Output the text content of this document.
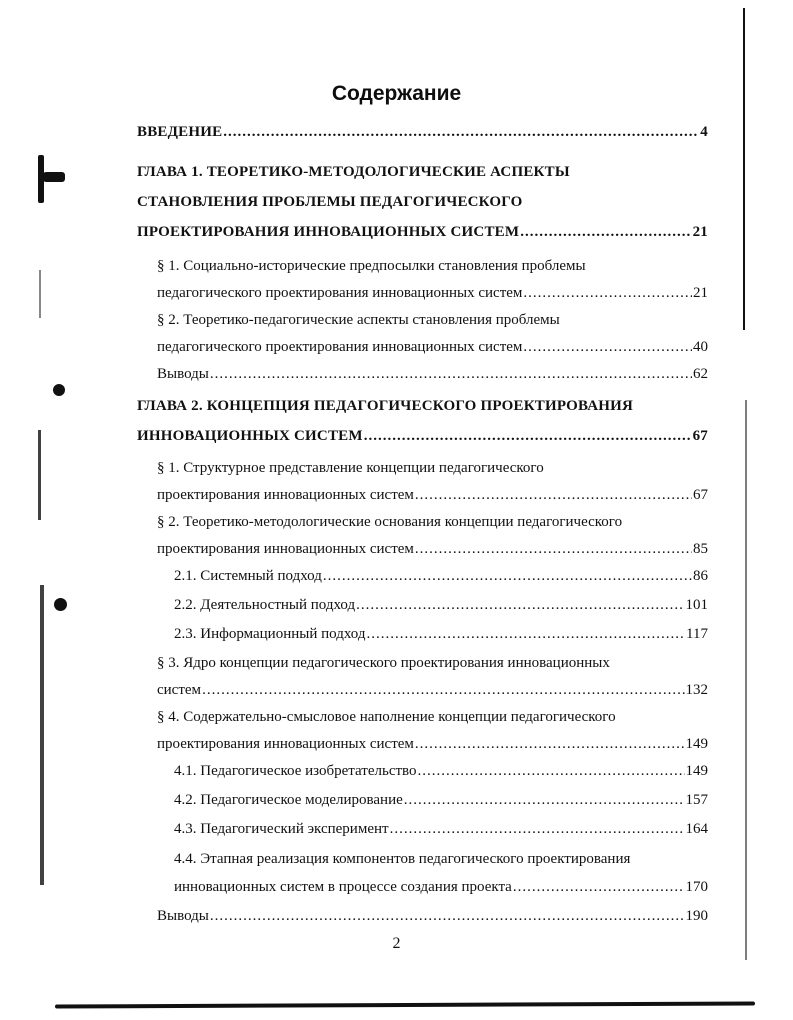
Содержание
ВВЕДЕНИЕ .....	4
ГЛАВА 1. ТЕОРЕТИКО-МЕТОДОЛОГИЧЕСКИЕ АСПЕКТЫ
СТАНОВЛЕНИЯ ПРОБЛЕМЫ ПЕДАГОГИЧЕСКОГО
ПРОЕКТИРОВАНИЯ ИННОВАЦИОННЫХ СИСТЕМ .....	21
§ 1. Социально-исторические предпосылки становления проблемы
педагогического проектирования инновационных систем .....	21
§ 2. Теоретико-педагогические аспекты становления проблемы
педагогического проектирования инновационных систем .....	40
Выводы .....	62
ГЛАВА 2. КОНЦЕПЦИЯ ПЕДАГОГИЧЕСКОГО ПРОЕКТИРОВАНИЯ
ИННОВАЦИОННЫХ СИСТЕМ .....	67
§ 1. Структурное представление концепции педагогического
проектирования инновационных систем .....	67
§ 2. Теоретико-методологические основания концепции педагогического
проектирования инновационных систем .....	85
2.1. Системный подход .....	86
2.2. Деятельностный подход .....	101
2.3. Информационный подход .....	117
§ 3. Ядро концепции педагогического проектирования инновационных
систем .....	132
§ 4. Содержательно-смысловое наполнение концепции педагогического
проектирования инновационных систем .....	149
4.1. Педагогическое изобретательство .....	149
4.2. Педагогическое моделирование .....	157
4.3. Педагогический эксперимент .....	164
4.4. Этапная реализация компонентов педагогического проектирования
инновационных систем в процессе создания проекта .....	170
Выводы .....	190
2
